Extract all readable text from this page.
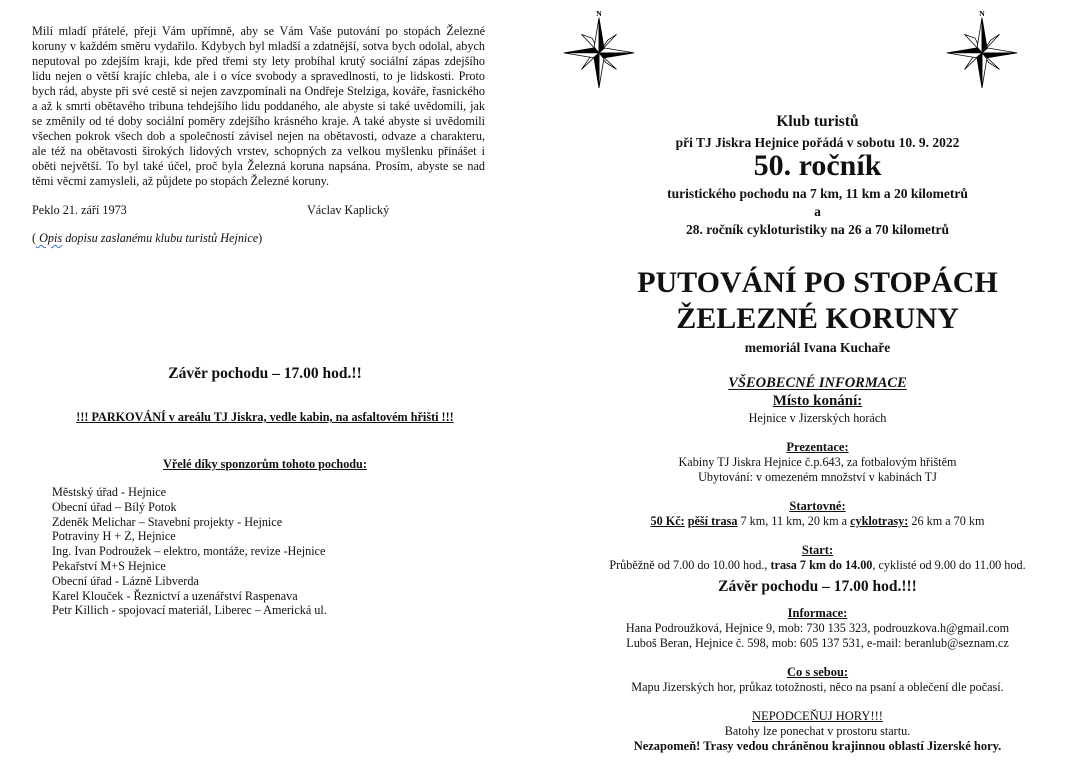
Milí mladí přátelé, přeji Vám upřímně, aby se Vám Vaše putování po stopách Železné koruny v každém směru vydařilo. Kdybych byl mladší a zdatnější, sotva bych odolal, abych neputoval po zdejším kraji, kde před třemi sty lety probíhal krutý sociální zápas zdejšího lidu nejen o větší krajíc chleba, ale i o více svobody a spravedlnosti, to je lidskosti. Proto bych rád, abyste při své cestě si nejen zavzpomínali na Ondřeje Stelziga, kováře, řasnického a až k smrti obětavého tribuna tehdejšího lidu poddaného, ale abyste si také uvědomili, jak se změnily od té doby sociální poměry zdejšího krásného kraje. A také abyste si uvědomili všechen pokrok všech dob a společností závisel nejen na obětavosti, odvaze a charakteru, ale též na obětavosti širokých lidových vrstev, schopných za velkou myšlenku přinášet i oběti největší. To byl také účel, proč byla Železná koruna napsána. Prosím, abyste se nad těmi věcmi zamysleli, až půjdete po stopách Železné koruny.

Peklo 21. září 1973	Václav Kaplický
( Opis dopisu zaslanému klubu turistů Hejnice)
Závěr pochodu – 17.00 hod.!!
!!! PARKOVÁNÍ v areálu TJ Jiskra, vedle kabin, na asfaltovém hřišti !!!
Vřelé díky sponzorům tohoto pochodu:
Městský úřad - Hejnice
Obecní úřad – Bílý Potok
Zdeněk Melichar – Stavební projekty - Hejnice
Potraviny H + Z, Hejnice
Ing. Ivan Podroužek – elektro, montáže, revize -Hejnice
Pekařství M+S Hejnice
Obecní úřad - Lázně Libverda
Karel Klouček - Řeznictví a uzenářství Raspenava
Petr Killich - spojovací materiál, Liberec – Americká ul.
N	N
Klub turistů
při TJ Jiskra Hejnice pořádá v sobotu 10. 9. 2022
50. ročník
turistického pochodu na 7 km, 11 km a 20 kilometrů
a
28. ročník cykloturistiky na 26 a 70 kilometrů
PUTOVÁNÍ PO STOPÁCH
ŽELEZNÉ KORUNY
memoriál Ivana Kuchaře
VŠEOBECNÉ INFORMACE
Místo konání:
Hejnice v Jizerských horách
Prezentace:
Kabiny TJ Jiskra Hejnice č.p.643, za fotbalovým hřištěm
Ubytování: v omezeném množství v kabinách TJ
Startovné:
50 Kč: pěší trasa 7 km, 11 km, 20 km a cyklotrasy: 26 km a 70 km
Start:
Průběžně od 7.00 do 10.00 hod., trasa 7 km do 14.00, cyklisté od 9.00 do 11.00 hod.
Závěr pochodu – 17.00 hod.!!!
Informace:
Hana Podroužková, Hejnice 9, mob: 730 135 323, podrouzkova.h@gmail.com
Luboš Beran, Hejnice č. 598, mob: 605 137 531, e-mail: beranlub@seznam.cz
Co s sebou:
Mapu Jizerských hor, průkaz totožnosti, něco na psaní a oblečení dle počasí.
NEPODCEŇUJ HORY!!!
Batohy lze ponechat v prostoru startu.
Nezapomeň! Trasy vedou chráněnou krajinnou oblastí Jizerské hory.
